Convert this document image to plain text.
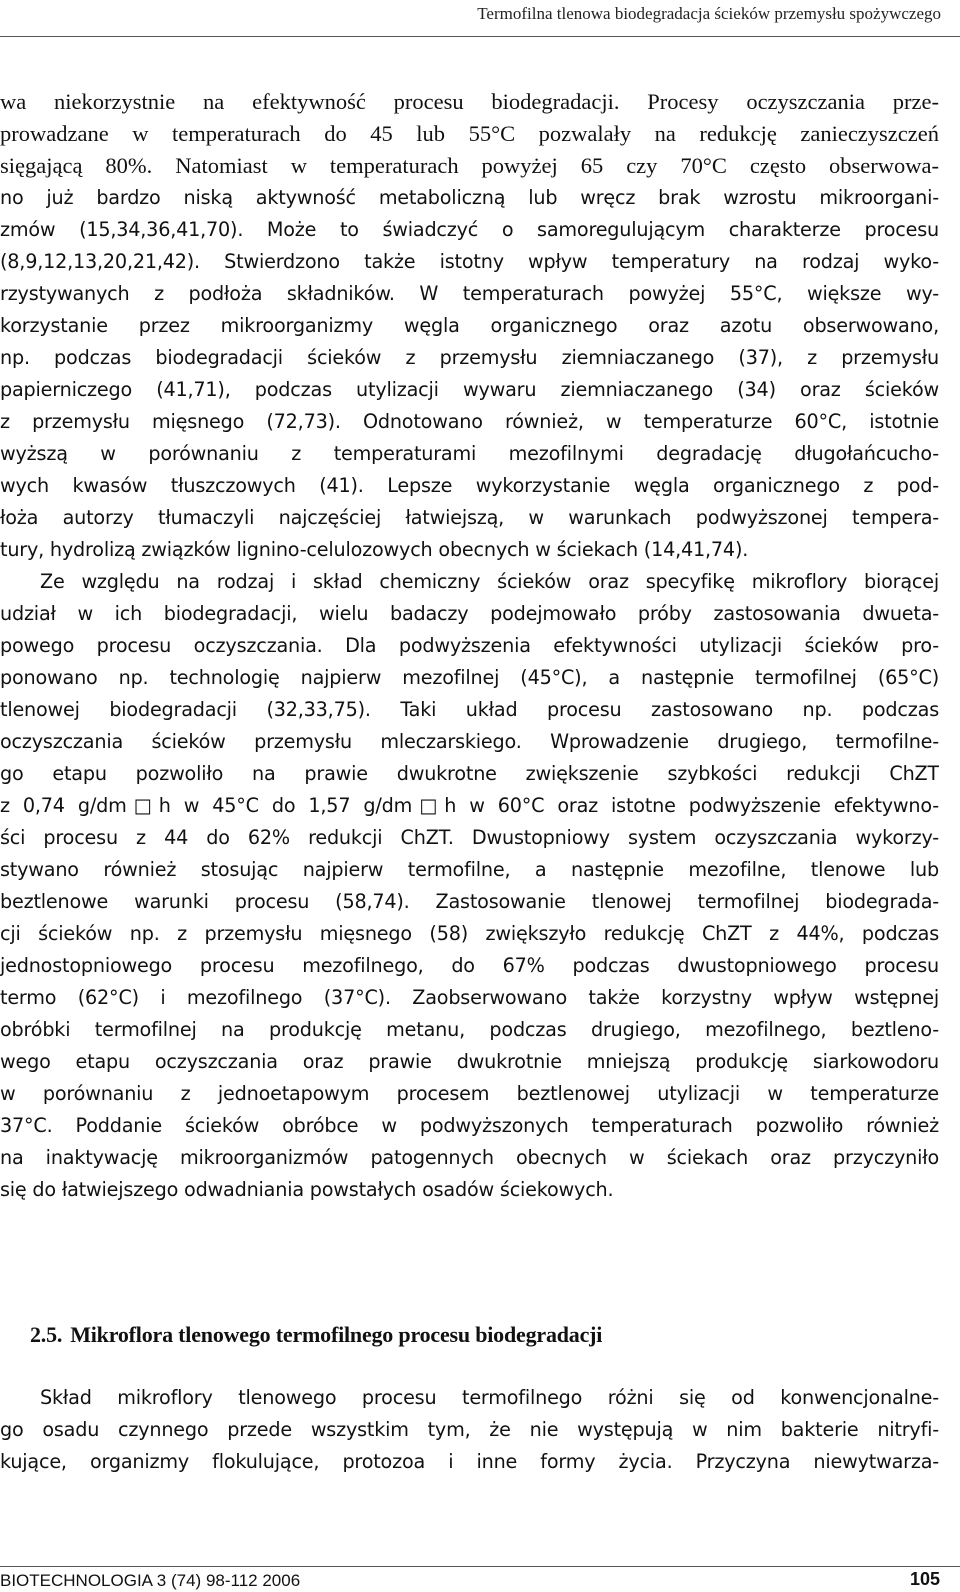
Termofilna tlenowa biodegradacja ścieków przemysłu spożywczego
wa niekorzystnie na efektywność procesu biodegradacji. Procesy oczyszczania prze-
prowadzane w temperaturach do 45 lub 55°C pozwalały na redukcję zanieczyszczeń
sięgającą 80%. Natomiast w temperaturach powyżej 65 czy 70°C często obserwowa-
no już bardzo niską aktywność metaboliczną lub wręcz brak wzrostu mikroorgani-
zmów (15,34,36,41,70). Może to świadczyć o samoregulującym charakterze procesu
(8,9,12,13,20,21,42). Stwierdzono także istotny wpływ temperatury na rodzaj wyko-
rzystywanych z podłoża składników. W temperaturach powyżej 55°C, większe wy-
korzystanie przez mikroorganizmy węgla organicznego oraz azotu obserwowano,
np. podczas biodegradacji ścieków z przemysłu ziemniaczanego (37), z przemysłu
papierniczego (41,71), podczas utylizacji wywaru ziemniaczanego (34) oraz ścieków
z przemysłu mięsnego (72,73). Odnotowano również, w temperaturze 60°C, istotnie
wyższą w porównaniu z temperaturami mezofilnymi degradację długołańcucho-
wych kwasów tłuszczowych (41). Lepsze wykorzystanie węgla organicznego z pod-
łoża autorzy tłumaczyli najczęściej łatwiejszą, w warunkach podwyższonej tempera-
tury, hydrolizą związków lignino-celulozowych obecnych w ściekach (14,41,74).
Ze względu na rodzaj i skład chemiczny ścieków oraz specyfikę mikroflory biorącej
udział w ich biodegradacji, wielu badaczy podejmowało próby zastosowania dwueta-
powego procesu oczyszczania. Dla podwyższenia efektywności utylizacji ścieków pro-
ponowano np. technologię najpierw mezofilnej (45°C), a następnie termofilnej (65°C)
tlenowej biodegradacji (32,33,75). Taki układ procesu zastosowano np. podczas
oczyszczania ścieków przemysłu mleczarskiego. Wprowadzenie drugiego, termofilne-
go etapu pozwoliło na prawie dwukrotne zwiększenie szybkości redukcji ChZT
z 0,74 g/dm□h w 45°C do 1,57 g/dm□h w 60°C oraz istotne podwyższenie efektywno-
ści procesu z 44 do 62% redukcji ChZT. Dwustopniowy system oczyszczania wykorzy-
stywano również stosując najpierw termofilne, a następnie mezofilne, tlenowe lub
beztlenowe warunki procesu (58,74). Zastosowanie tlenowej termofilnej biodegrada-
cji ścieków np. z przemysłu mięsnego (58) zwiększyło redukcję ChZT z 44%, podczas
jednostopniowego procesu mezofilnego, do 67% podczas dwustopniowego procesu
termo (62°C) i mezofilnego (37°C). Zaobserwowano także korzystny wpływ wstępnej
obróbki termofilnej na produkcję metanu, podczas drugiego, mezofilnego, beztleno-
wego etapu oczyszczania oraz prawie dwukrotnie mniejszą produkcję siarkowodoru
w porównaniu z jednoetapowym procesem beztlenowej utylizacji w temperaturze
37°C. Poddanie ścieków obróbce w podwyższonych temperaturach pozwoliło również
na inaktywację mikroorganizmów patogennych obecnych w ściekach oraz przyczyniło
się do łatwiejszego odwadniania powstałych osadów ściekowych.
2.5. Mikroflora tlenowego termofilnego procesu biodegradacji
Skład mikroflory tlenowego procesu termofilnego różni się od konwencjonalne-
go osadu czynnego przede wszystkim tym, że nie występują w nim bakterie nitryfi-
kujące, organizmy flokulujące, protozoa i inne formy życia. Przyczyna niewytwarza-
BIOTECHNOLOGIA 3 (74) 98-112 2006	105
